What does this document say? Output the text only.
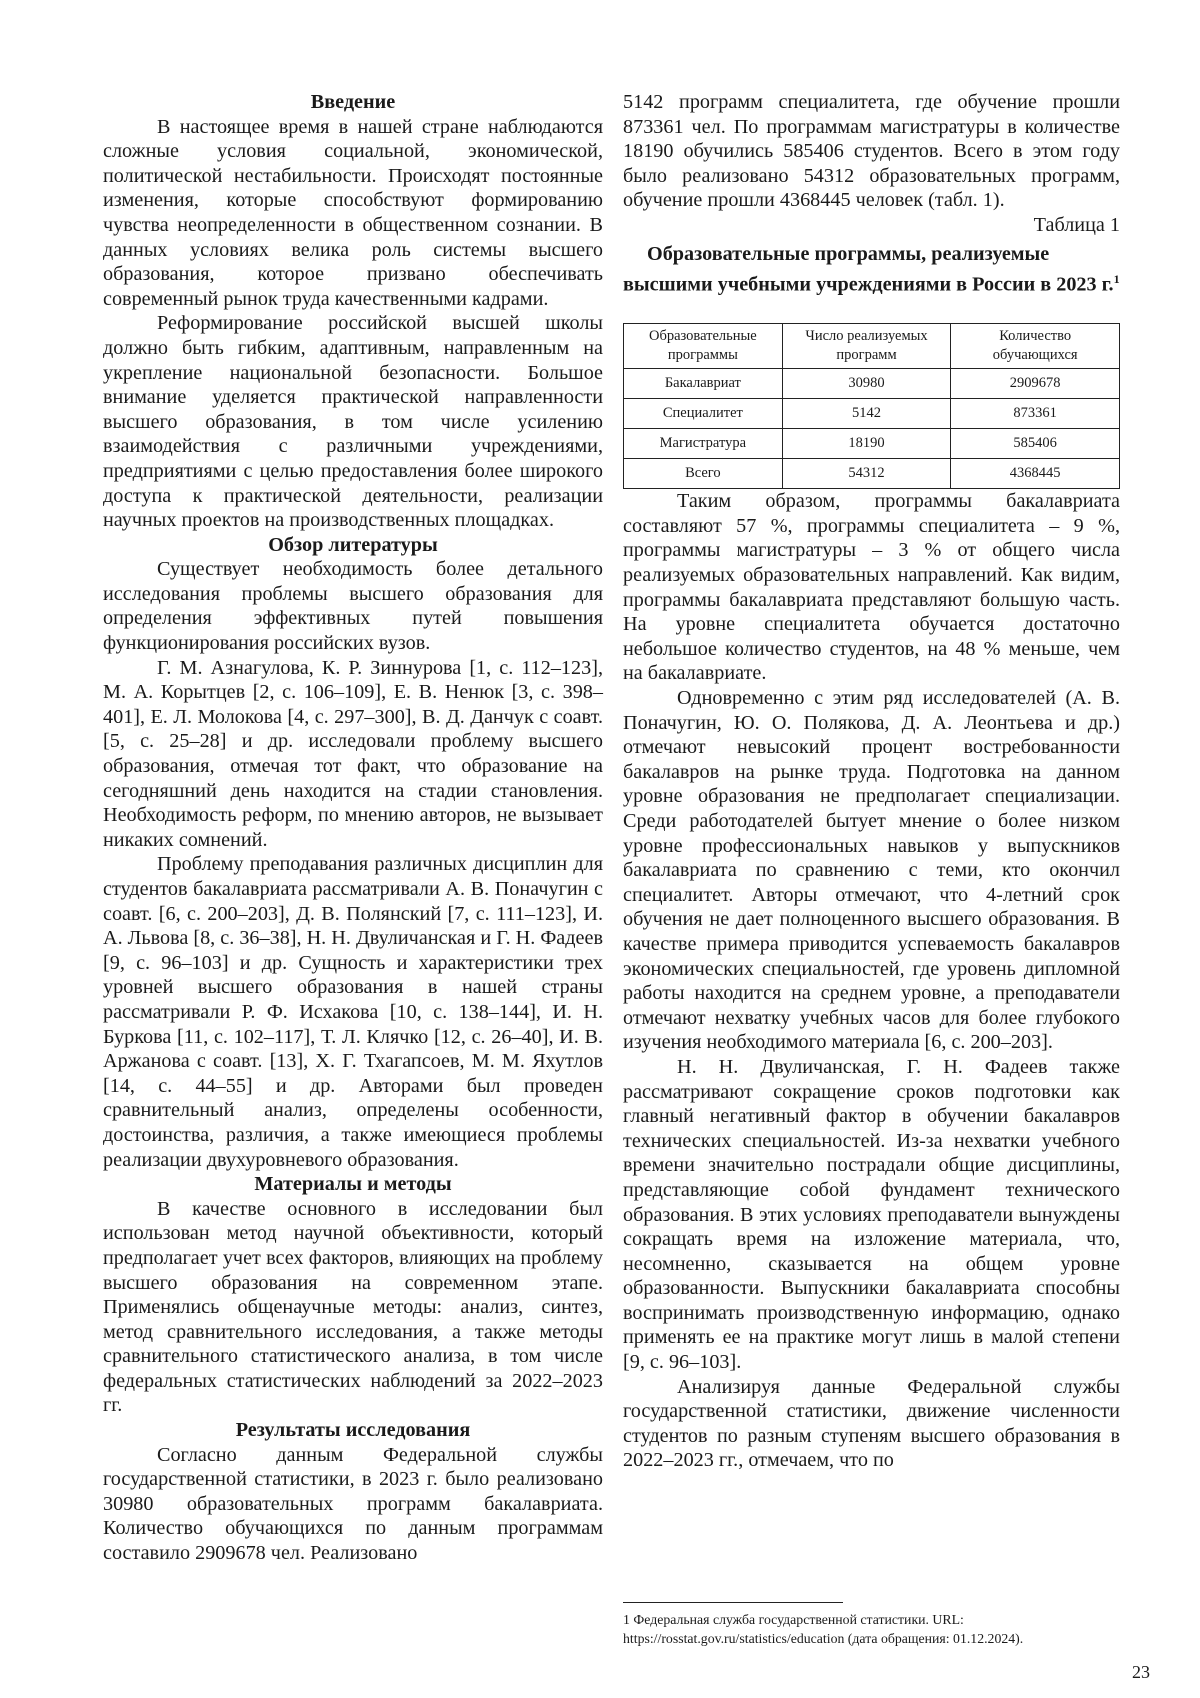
Введение

В настоящее время в нашей стране наблюдаются сложные условия социальной, экономической, политической нестабильности. Происходят постоянные изменения, которые способствуют формированию чувства неопределенности в общественном сознании. В данных условиях велика роль системы высшего образования, которое призвано обеспечивать современный рынок труда качественными кадрами.

Реформирование российской высшей школы должно быть гибким, адаптивным, направленным на укрепление национальной безопасности. Большое внимание уделяется практической направленности высшего образования, в том числе усилению взаимодействия с различными учреждениями, предприятиями с целью предоставления более широкого доступа к практической деятельности, реализации научных проектов на производственных площадках.

Обзор литературы

Существует необходимость более детального исследования проблемы высшего образования для определения эффективных путей повышения функционирования российских вузов.

Г. М. Азнагулова, К. Р. Зиннурова [1, с. 112–123], М. А. Корытцев [2, с. 106–109], Е. В. Ненюк [3, с. 398–401], Е. Л. Молокова [4, с. 297–300], В. Д. Данчук с соавт. [5, с. 25–28] и др. исследовали проблему высшего образования, отмечая тот факт, что образование на сегодняшний день находится на стадии становления. Необходимость реформ, по мнению авторов, не вызывает никаких сомнений.

Проблему преподавания различных дисциплин для студентов бакалавриата рассматривали А. В. Поначугин с соавт. [6, с. 200–203], Д. В. Полянский [7, с. 111–123], И. А. Львова [8, с. 36–38], Н. Н. Двуличанская и Г. Н. Фадеев [9, с. 96–103] и др. Сущность и характеристики трех уровней высшего образования в нашей страны рассматривали Р. Ф. Исхакова [10, с. 138–144], И. Н. Буркова [11, с. 102–117], Т. Л. Клячко [12, с. 26–40], И. В. Аржанова с соавт. [13], Х. Г. Тхагапсоев, М. М. Яхутлов [14, с. 44–55] и др. Авторами был проведен сравнительный анализ, определены особенности, достоинства, различия, а также имеющиеся проблемы реализации двухуровневого образования.

Материалы и методы

В качестве основного в исследовании был использован метод научной объективности, который предполагает учет всех факторов, влияющих на проблему высшего образования на современном этапе. Применялись общенаучные методы: анализ, синтез, метод сравнительного исследования, а также методы сравнительного статистического анализа, в том числе федеральных статистических наблюдений за 2022–2023 гг.

Результаты исследования

Согласно данным Федеральной службы государственной статистики, в 2023 г. было реализовано 30980 образовательных программ бакалавриата. Количество обучающихся по данным программам составило 2909678 чел. Реализовано

5142 программ специалитета, где обучение прошли 873361 чел. По программам магистратуры в количестве 18190 обучились 585406 студентов. Всего в этом году было реализовано 54312 образовательных программ, обучение прошли 4368445 человек (табл. 1).

Таблица 1
Образовательные программы, реализуемые высшими учебными учреждениями в России в 2023 г.$^1$
Образовательные программы	Число реализуемых программ	Количество обучающихся
Бакалавриат	30980	2909678
Специалитет	5142	873361
Магистратура	18190	585406
Всего	54312	4368445

Таким образом, программы бакалавриата составляют 57 %, программы специалитета – 9 %, программы магистратуры – 3 % от общего числа реализуемых образовательных направлений. Как видим, программы бакалавриата представляют большую часть. На уровне специалитета обучается достаточно небольшое количество студентов, на 48 % меньше, чем на бакалавриате.

Одновременно с этим ряд исследователей (А. В. Поначугин, Ю. О. Полякова, Д. А. Леонтьева и др.) отмечают невысокий процент востребованности бакалавров на рынке труда. Подготовка на данном уровне образования не предполагает специализации. Среди работодателей бытует мнение о более низком уровне профессиональных навыков у выпускников бакалавриата по сравнению с теми, кто окончил специалитет. Авторы отмечают, что 4-летний срок обучения не дает полноценного высшего образования. В качестве примера приводится успеваемость бакалавров экономических специальностей, где уровень дипломной работы находится на среднем уровне, а преподаватели отмечают нехватку учебных часов для более глубокого изучения необходимого материала [6, с. 200–203].

Н. Н. Двуличанская, Г. Н. Фадеев также рассматривают сокращение сроков подготовки как главный негативный фактор в обучении бакалавров технических специальностей. Из-за нехватки учебного времени значительно пострадали общие дисциплины, представляющие собой фундамент технического образования. В этих условиях преподаватели вынуждены сокращать время на изложение материала, что, несомненно, сказывается на общем уровне образованности. Выпускники бакалавриата способны воспринимать производственную информацию, однако применять ее на практике могут лишь в малой степени [9, с. 96–103].

Анализируя данные Федеральной службы государственной статистики, движение численности студентов по разным ступеням высшего образования в 2022–2023 гг., отмечаем, что по

1 Федеральная служба государственной статистики. URL: https://rosstat.gov.ru/statistics/education (дата обращения: 01.12.2024).
23
